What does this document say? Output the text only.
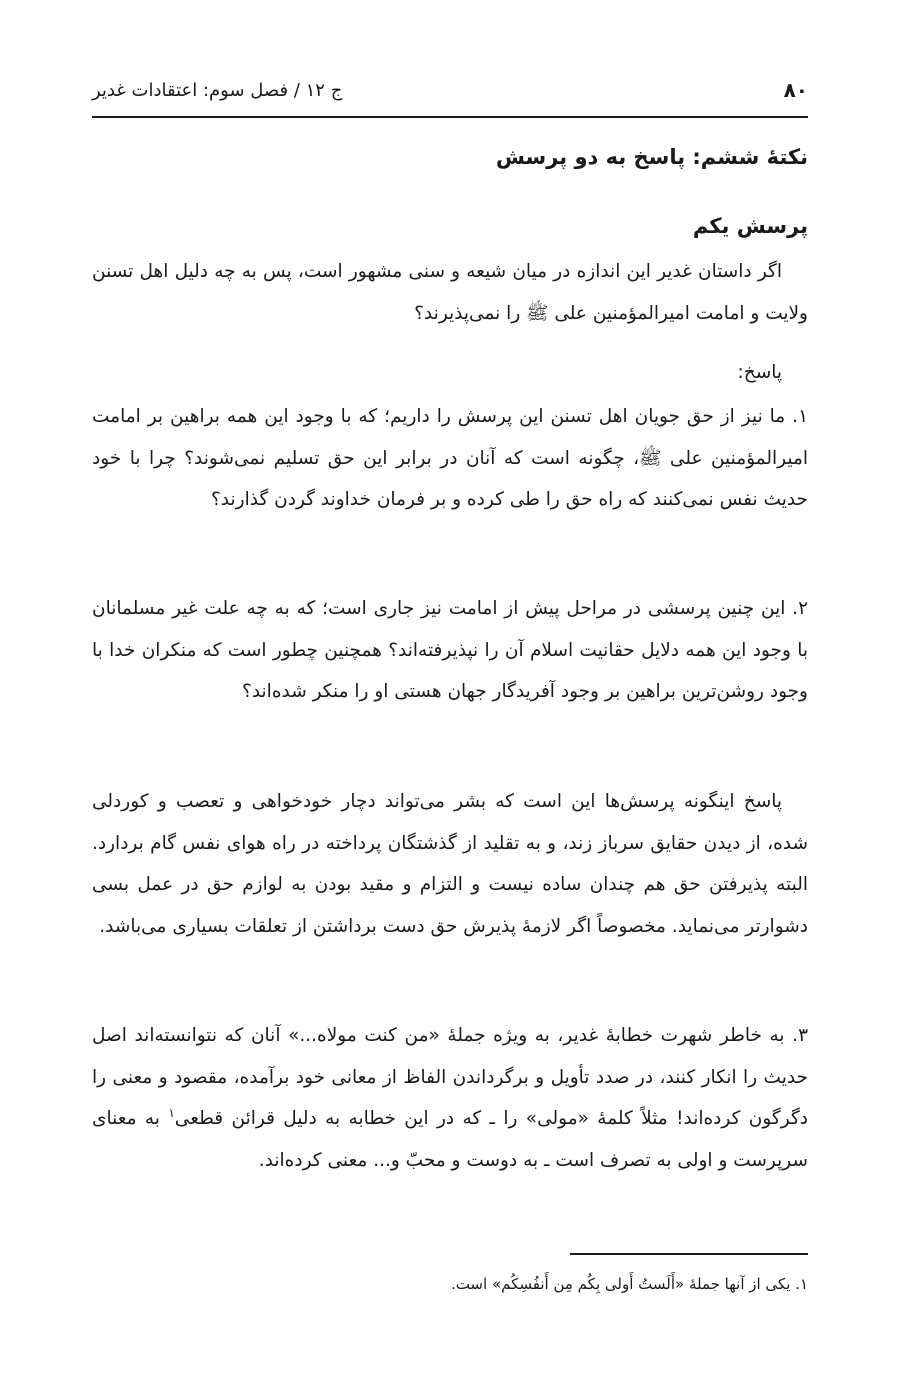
۸۰
ج ۱۲ / فصل سوم: اعتقادات غدیر
نکتهٔ ششم: پاسخ به دو پرسش
پرسش یکم

اگر داستان غدیر این اندازه در میان شیعه و سنی مشهور است، پس به چه دلیل اهل تسنن ولایت و امامت امیرالمؤمنین علی ﷺ را نمی‌پذیرند؟

پاسخ:

۱. ما نیز از حق جویان اهل تسنن این پرسش را داریم؛ که با وجود این همه براهین بر امامت امیرالمؤمنین علی ﷺ، چگونه است که آنان در برابر این حق تسلیم نمی‌شوند؟ چرا با خود حدیث نفس نمی‌کنند که راه حق را طی کرده و بر فرمان خداوند گردن گذارند؟

۲. این چنین پرسشی در مراحل پیش از امامت نیز جاری است؛ که به چه علت غیر مسلمانان با وجود این همه دلایل حقانیت اسلام آن را نپذیرفته‌اند؟ همچنین چطور است که منکران خدا با وجود روشن‌ترین براهین بر وجود آفریدگار جهان هستی او را منکر شده‌اند؟

پاسخ اینگونه پرسش‌ها این است که بشر می‌تواند دچار خودخواهی و تعصب و کوردلی شده، از دیدن حقایق سرباز زند، و به تقلید از گذشتگان پرداخته در راه هوای نفس گام بردارد. البته پذیرفتن حق هم چندان ساده نیست و التزام و مقید بودن به لوازم حق در عمل بسی دشوارتر می‌نماید. مخصوصاً اگر لازمهٔ پذیرش حق دست برداشتن از تعلقات بسیاری می‌باشد.

۳. به خاطر شهرت خطابهٔ غدیر، به ویژه جملهٔ «من کنت مولاه...» آنان که نتوانسته‌اند اصل حدیث را انکار کنند، در صدد تأویل و برگرداندن الفاظ از معانی خود برآمده، مقصود و معنی را دگرگون کرده‌اند! مثلاً کلمهٔ «مولی» را ـ که در این خطابه به دلیل قرائن قطعی$^۱$ به معنای سرپرست و اولی به تصرف است ـ به دوست و محبّ و... معنی کرده‌اند.

۱. یکی از آنها جملهٔ «أَلَستُ أَولی بِکُم مِن أَنفُسِکُم» است.
